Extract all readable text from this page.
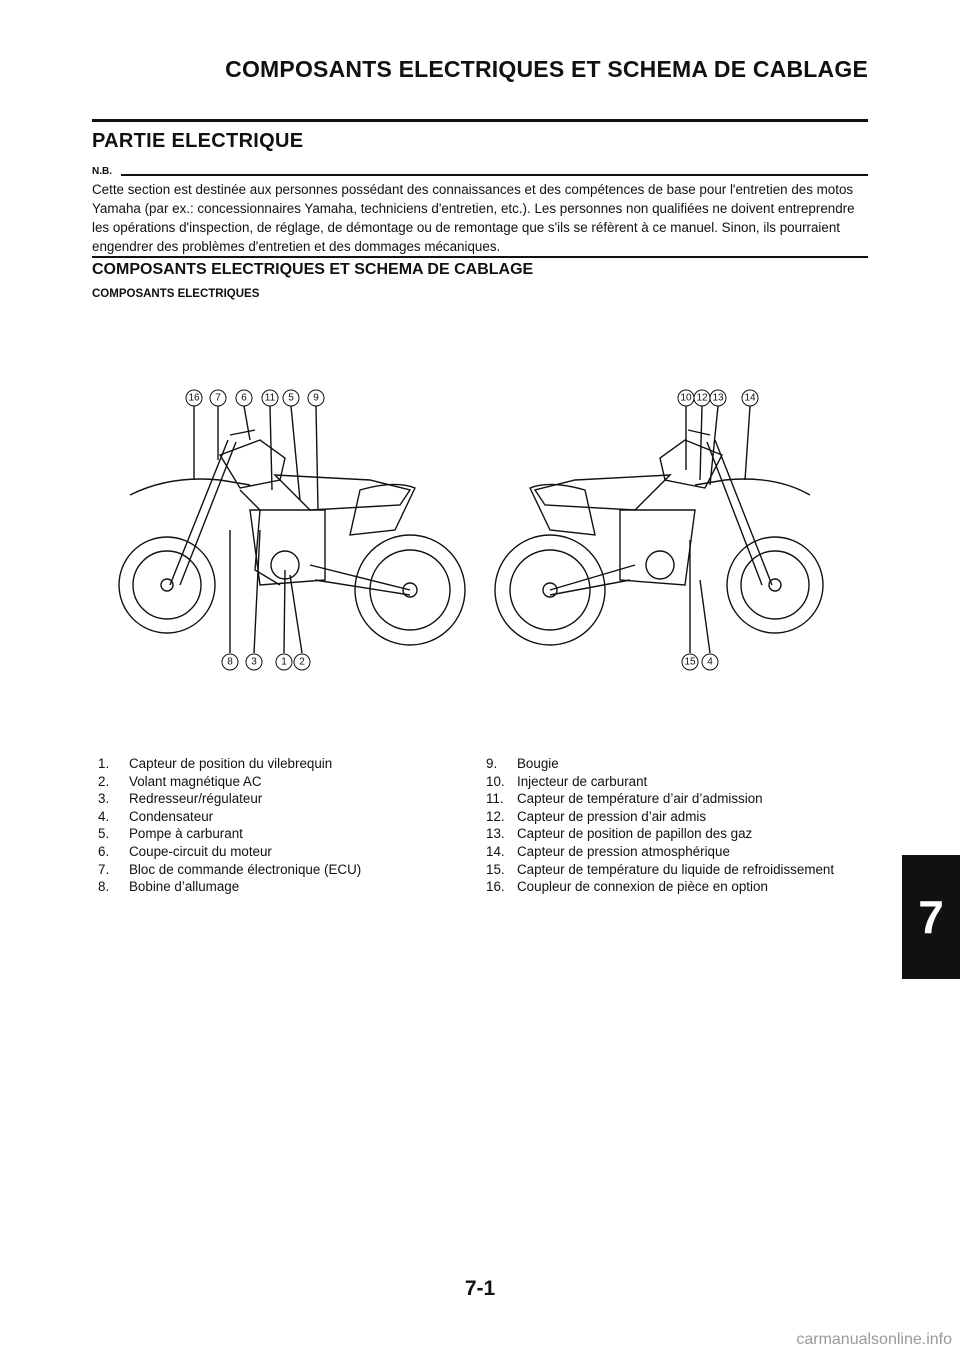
COMPOSANTS ELECTRIQUES ET SCHEMA DE CABLAGE
PARTIE ELECTRIQUE
N.B.
Cette section est destinée aux personnes possédant des connaissances et des compétences de base pour l'entretien des motos Yamaha (par ex.: concessionnaires Yamaha, techniciens d'entretien, etc.). Les personnes non qualifiées ne doivent entreprendre les opérations d'inspection, de réglage, de démontage ou de remontage que s'ils se réfèrent à ce manuel. Sinon, ils pourraient engendrer des problèmes d'entretien et des dommages mécaniques.
COMPOSANTS ELECTRIQUES ET SCHEMA DE CABLAGE
COMPOSANTS ELECTRIQUES
16 7 6 11 5 9
8 3 1 2
10 12 13 14
15 4
1.	Capteur de position du vilebrequin
2.	Volant magnétique AC
3.	Redresseur/régulateur
4.	Condensateur
5.	Pompe à carburant
6.	Coupe-circuit du moteur
7.	Bloc de commande électronique (ECU)
8.	Bobine d’allumage
9.	Bougie
10. Injecteur de carburant
11. Capteur de température d’air d’admission
12. Capteur de pression d’air admis
13. Capteur de position de papillon des gaz
14. Capteur de pression atmosphérique
15. Capteur de température du liquide de refroidissement
16. Coupleur de connexion de pièce en option
7
7-1
carmanualsonline.info
